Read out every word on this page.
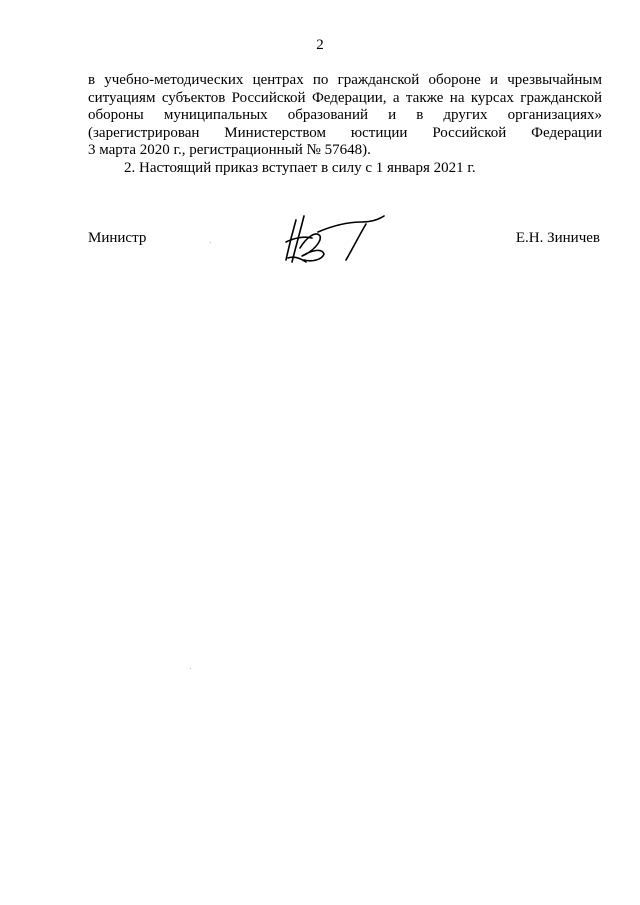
2
в учебно-методических центрах по гражданской обороне и чрезвычайным
ситуациям субъектов Российской Федерации, а также на курсах гражданской
обороны муниципальных образований и в других организациях»
(зарегистрирован Министерством юстиции Российской Федерации
3 марта 2020 г., регистрационный № 57648).
2. Настоящий приказ вступает в силу с 1 января 2021 г.
Министр	Е.Н. Зиничев
